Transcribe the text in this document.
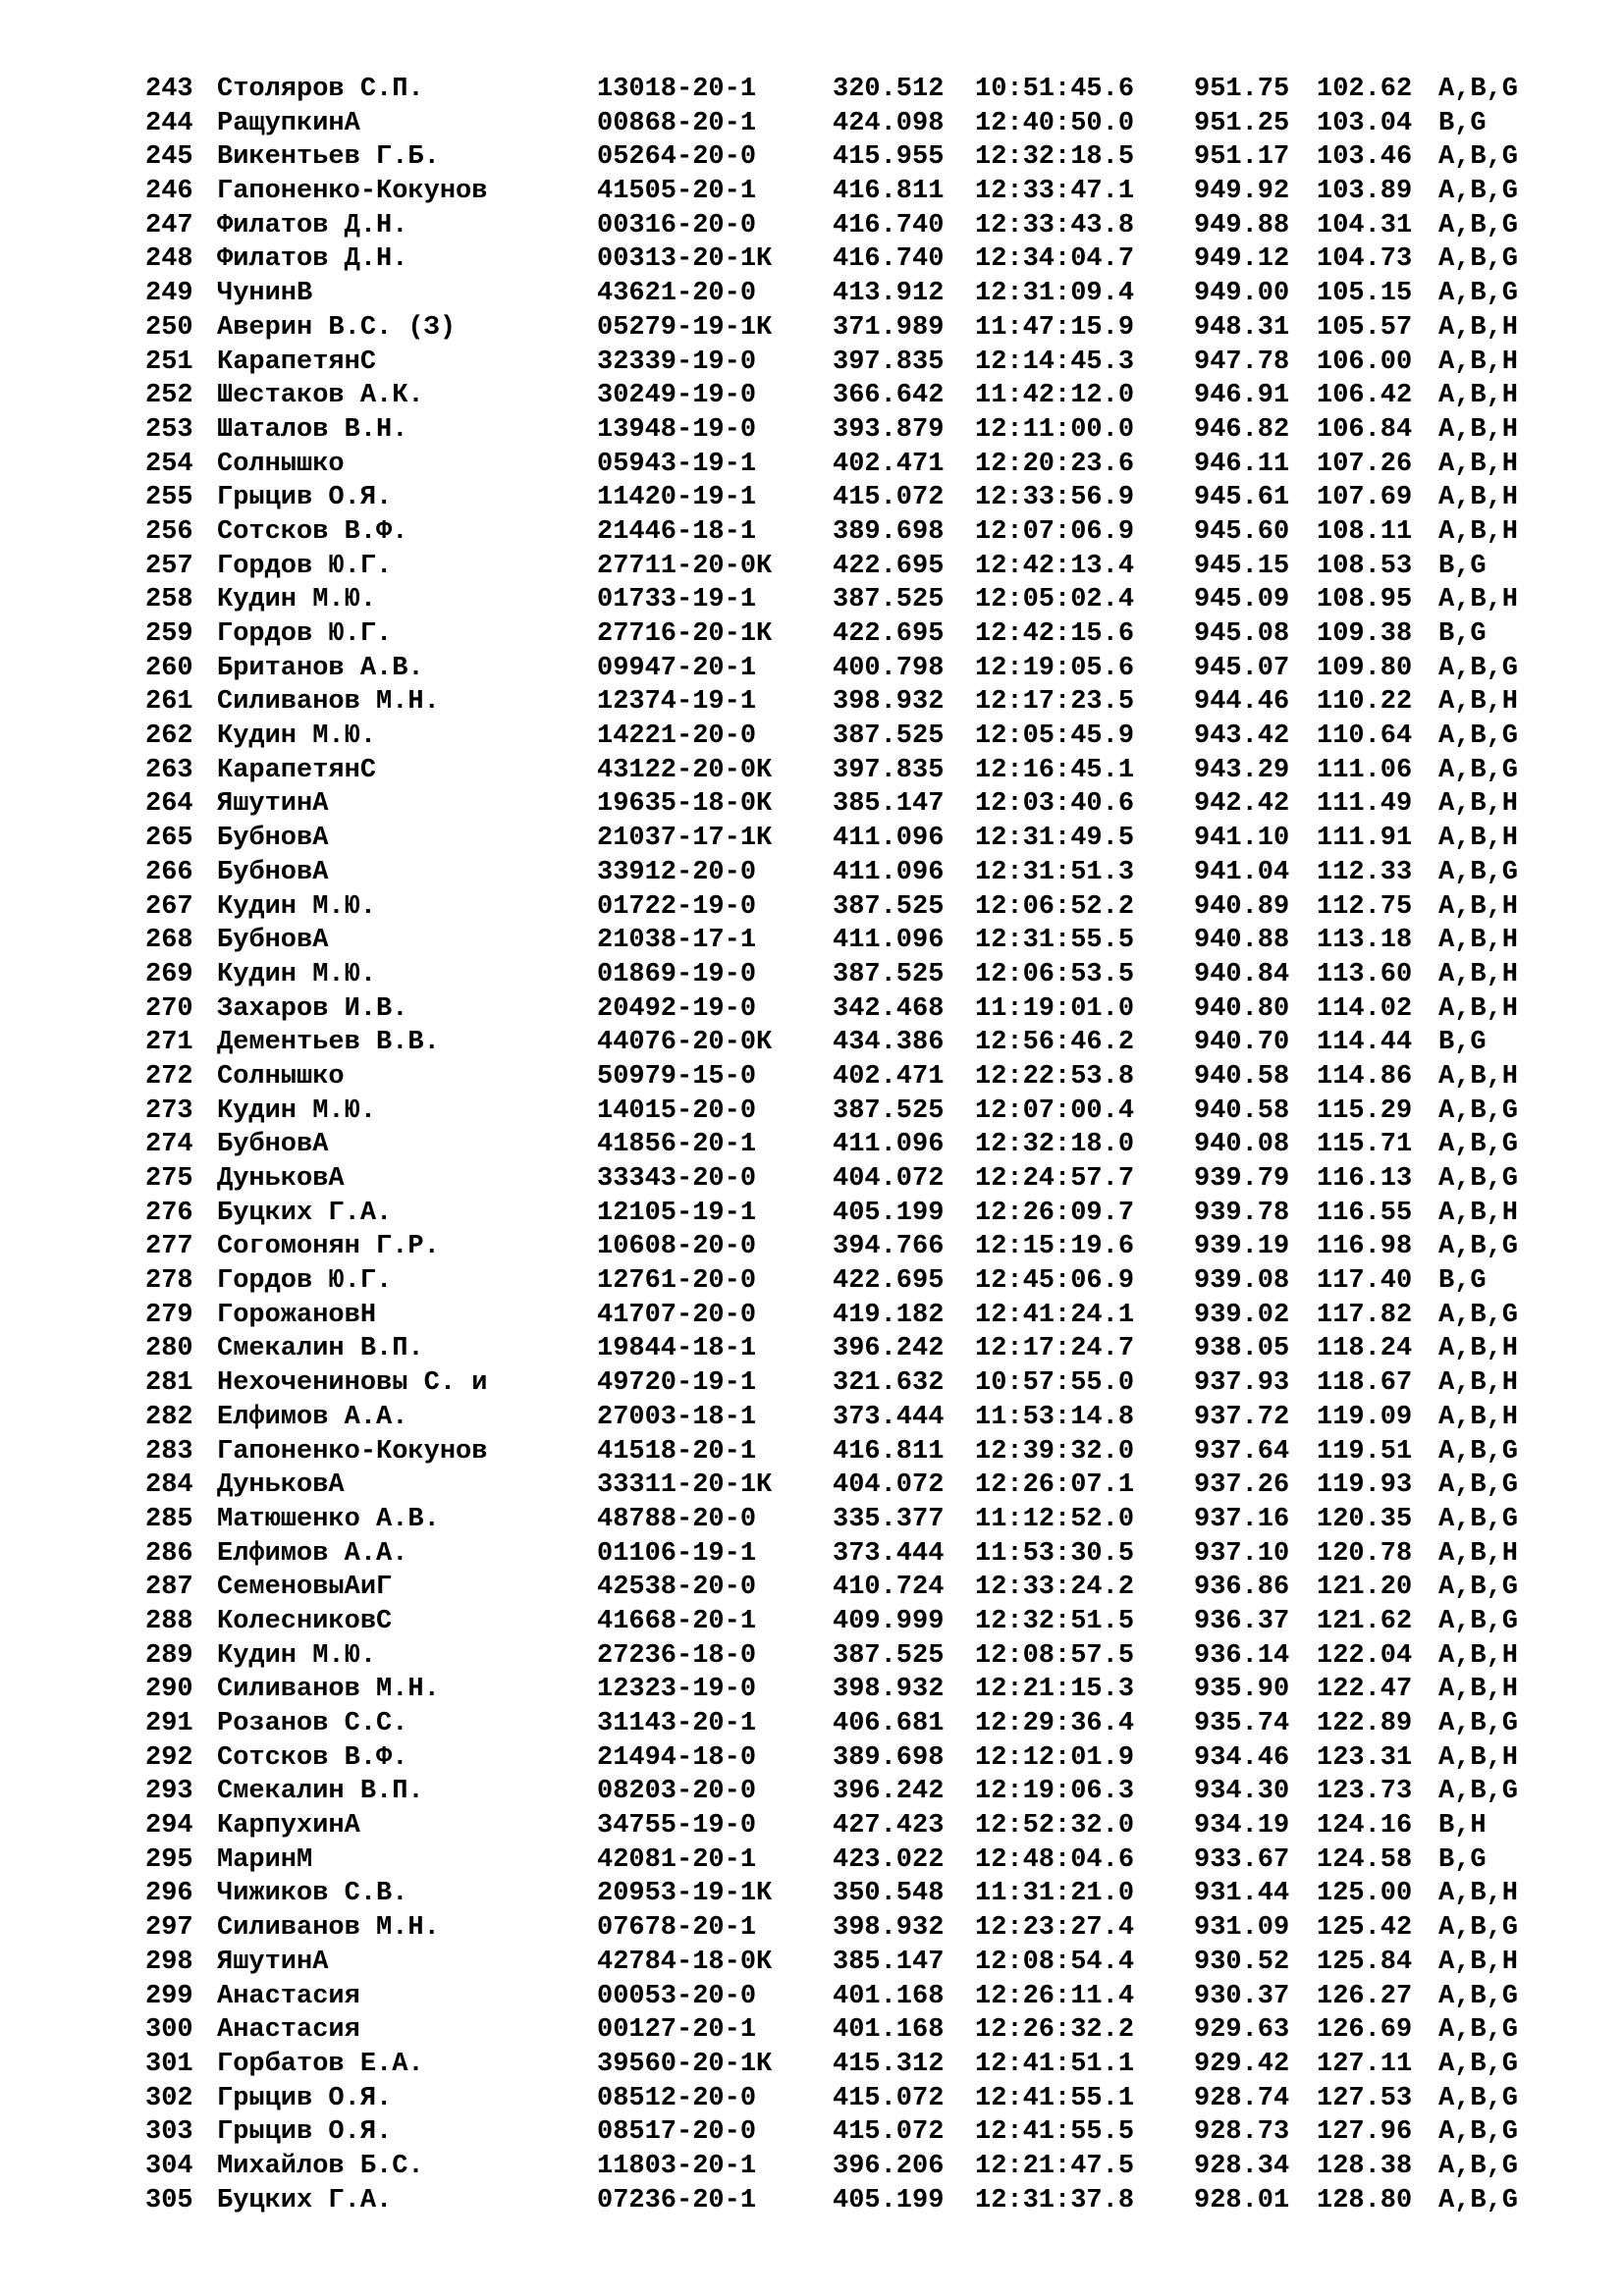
243 Столяров С.П.	13018-20-1	320.512 10:51:45.6 951.75 102.62 A,B,G
244 РащупкинА	00868-20-1	424.098 12:40:50.0 951.25 103.04 B,G
245 Викентьев Г.Б.	05264-20-0	415.955 12:32:18.5 951.17 103.46 A,B,G
246 Гапоненко-Кокунов	41505-20-1	416.811 12:33:47.1 949.92 103.89 A,B,G
247 Филатов Д.Н.	00316-20-0	416.740 12:33:43.8 949.88 104.31 A,B,G
248 Филатов Д.Н.	00313-20-1К 416.740 12:34:04.7 949.12 104.73 A,B,G
249 ЧунинВ	43621-20-0	413.912 12:31:09.4 949.00 105.15 A,B,G
250 Аверин В.С. (З)	05279-19-1К 371.989 11:47:15.9 948.31 105.57 A,B,H
251 КарапетянС	32339-19-0	397.835 12:14:45.3 947.78 106.00 A,B,H
252 Шестаков А.К.	30249-19-0	366.642 11:42:12.0 946.91 106.42 A,B,H
253 Шаталов В.Н.	13948-19-0	393.879 12:11:00.0 946.82 106.84 A,B,H
254 Солнышко	05943-19-1	402.471 12:20:23.6 946.11 107.26 A,B,H
255 Грыцив О.Я.	11420-19-1	415.072 12:33:56.9 945.61 107.69 A,B,H
256 Сотсков В.Ф.	21446-18-1	389.698 12:07:06.9 945.60 108.11 A,B,H
257 Гордов Ю.Г.	27711-20-0К 422.695 12:42:13.4 945.15 108.53 B,G
258 Кудин М.Ю.	01733-19-1	387.525 12:05:02.4 945.09 108.95 A,B,H
259 Гордов Ю.Г.	27716-20-1К 422.695 12:42:15.6 945.08 109.38 B,G
260 Британов А.В.	09947-20-1	400.798 12:19:05.6 945.07 109.80 A,B,G
261 Силиванов М.Н.	12374-19-1	398.932 12:17:23.5 944.46 110.22 A,B,H
262 Кудин М.Ю.	14221-20-0	387.525 12:05:45.9 943.42 110.64 A,B,G
263 КарапетянС	43122-20-0К 397.835 12:16:45.1 943.29 111.06 A,B,G
264 ЯшутинА	19635-18-0К 385.147 12:03:40.6 942.42 111.49 A,B,H
265 БубновА	21037-17-1К 411.096 12:31:49.5 941.10 111.91 A,B,H
266 БубновА	33912-20-0	411.096 12:31:51.3 941.04 112.33 A,B,G
267 Кудин М.Ю.	01722-19-0	387.525 12:06:52.2 940.89 112.75 A,B,H
268 БубновА	21038-17-1	411.096 12:31:55.5 940.88 113.18 A,B,H
269 Кудин М.Ю.	01869-19-0	387.525 12:06:53.5 940.84 113.60 A,B,H
270 Захаров И.В.	20492-19-0	342.468 11:19:01.0 940.80 114.02 A,B,H
271 Дементьев В.В.	44076-20-0К 434.386 12:56:46.2 940.70 114.44 B,G
272 Солнышко	50979-15-0	402.471 12:22:53.8 940.58 114.86 A,B,H
273 Кудин М.Ю.	14015-20-0	387.525 12:07:00.4 940.58 115.29 A,B,G
274 БубновА	41856-20-1	411.096 12:32:18.0 940.08 115.71 A,B,G
275 ДуньковА	33343-20-0	404.072 12:24:57.7 939.79 116.13 A,B,G
276 Буцких Г.А.	12105-19-1	405.199 12:26:09.7 939.78 116.55 A,B,H
277 Согомонян Г.Р.	10608-20-0	394.766 12:15:19.6 939.19 116.98 A,B,G
278 Гордов Ю.Г.	12761-20-0	422.695 12:45:06.9 939.08 117.40 B,G
279 ГорожановН	41707-20-0	419.182 12:41:24.1 939.02 117.82 A,B,G
280 Смекалин В.П.	19844-18-1	396.242 12:17:24.7 938.05 118.24 A,B,H
281 Нехочениновы С. и	49720-19-1	321.632 10:57:55.0 937.93 118.67 A,B,H
282 Елфимов А.А.	27003-18-1	373.444 11:53:14.8 937.72 119.09 A,B,H
283 Гапоненко-Кокунов	41518-20-1	416.811 12:39:32.0 937.64 119.51 A,B,G
284 ДуньковА	33311-20-1К 404.072 12:26:07.1 937.26 119.93 A,B,G
285 Матюшенко А.В.	48788-20-0	335.377 11:12:52.0 937.16 120.35 A,B,G
286 Елфимов А.А.	01106-19-1	373.444 11:53:30.5 937.10 120.78 A,B,H
287 СеменовыАиГ	42538-20-0	410.724 12:33:24.2 936.86 121.20 A,B,G
288 КолесниковС	41668-20-1	409.999 12:32:51.5 936.37 121.62 A,B,G
289 Кудин М.Ю.	27236-18-0	387.525 12:08:57.5 936.14 122.04 A,B,H
290 Силиванов М.Н.	12323-19-0	398.932 12:21:15.3 935.90 122.47 A,B,H
291 Розанов С.С.	31143-20-1	406.681 12:29:36.4 935.74 122.89 A,B,G
292 Сотсков В.Ф.	21494-18-0	389.698 12:12:01.9 934.46 123.31 A,B,H
293 Смекалин В.П.	08203-20-0	396.242 12:19:06.3 934.30 123.73 A,B,G
294 КарпухинА	34755-19-0	427.423 12:52:32.0 934.19 124.16 B,H
295 МаринМ	42081-20-1	423.022 12:48:04.6 933.67 124.58 B,G
296 Чижиков С.В.	20953-19-1К 350.548 11:31:21.0 931.44 125.00 A,B,H
297 Силиванов М.Н.	07678-20-1	398.932 12:23:27.4 931.09 125.42 A,B,G
298 ЯшутинА	42784-18-0К 385.147 12:08:54.4 930.52 125.84 A,B,H
299 Анастасия	00053-20-0	401.168 12:26:11.4 930.37 126.27 A,B,G
300 Анастасия	00127-20-1	401.168 12:26:32.2 929.63 126.69 A,B,G
301 Горбатов Е.А.	39560-20-1К 415.312 12:41:51.1 929.42 127.11 A,B,G
302 Грыцив О.Я.	08512-20-0	415.072 12:41:55.1 928.74 127.53 A,B,G
303 Грыцив О.Я.	08517-20-0	415.072 12:41:55.5 928.73 127.96 A,B,G
304 Михайлов Б.С.	11803-20-1	396.206 12:21:47.5 928.34 128.38 A,B,G
305 Буцких Г.А.	07236-20-1	405.199 12:31:37.8 928.01 128.80 A,B,G
